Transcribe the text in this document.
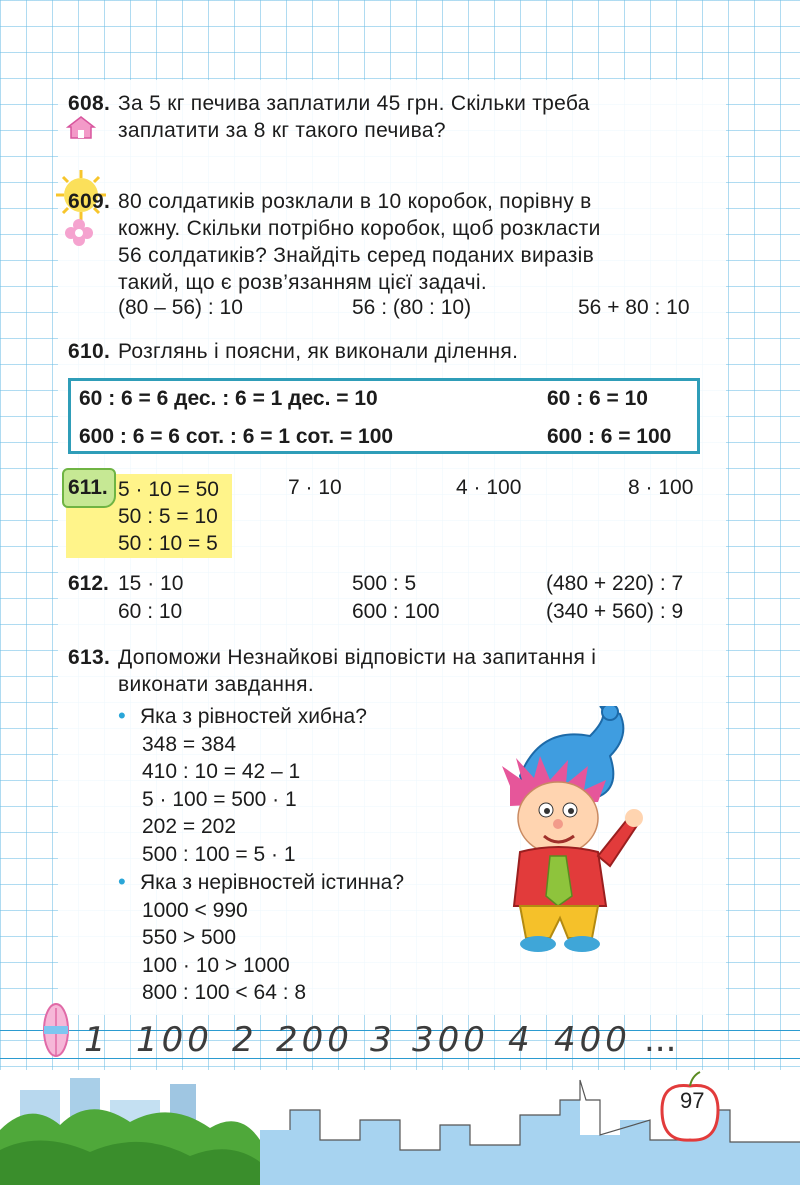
608. За 5 кг печива заплатили 45 грн. Скільки треба
заплатити за 8 кг такого печива?
609. 80 солдатиків розклали в 10 коробок, порівну в
кожну. Скільки потрібно коробок, щоб розкласти
56 солдатиків? Знайдіть серед поданих виразів
такий, що є розв’язанням цієї задачі.
(80 – 56) : 10	56 : (80 : 10)	56 + 80 : 10
610. Розглянь і поясни, як виконали ділення.
60 : 6 = 6 дес. : 6 = 1 дес. = 10	60 : 6 = 10
600 : 6 = 6 сот. : 6 = 1 сот. = 100	600 : 6 = 100
611. 5 · 10 = 50
50 : 5 = 10
50 : 10 = 5
7 · 10	4 · 100	8 · 100
612. 15 · 10	500 : 5	(480 + 220) : 7
60 : 10	600 : 100	(340 + 560) : 9
613. Допоможи Незнайкові відповісти на запитання і
виконати завдання.
• Яка з рівностей хибна?
348 = 384
410 : 10 = 42 – 1
5 · 100 = 500 · 1
202 = 202
500 : 100 = 5 · 1
• Яка з нерівностей істинна?
1000 < 990
550 > 500
100 · 10 > 1000
800 : 100 < 64 : 8
1 100 2 200 3 300 4 400 ...
97
